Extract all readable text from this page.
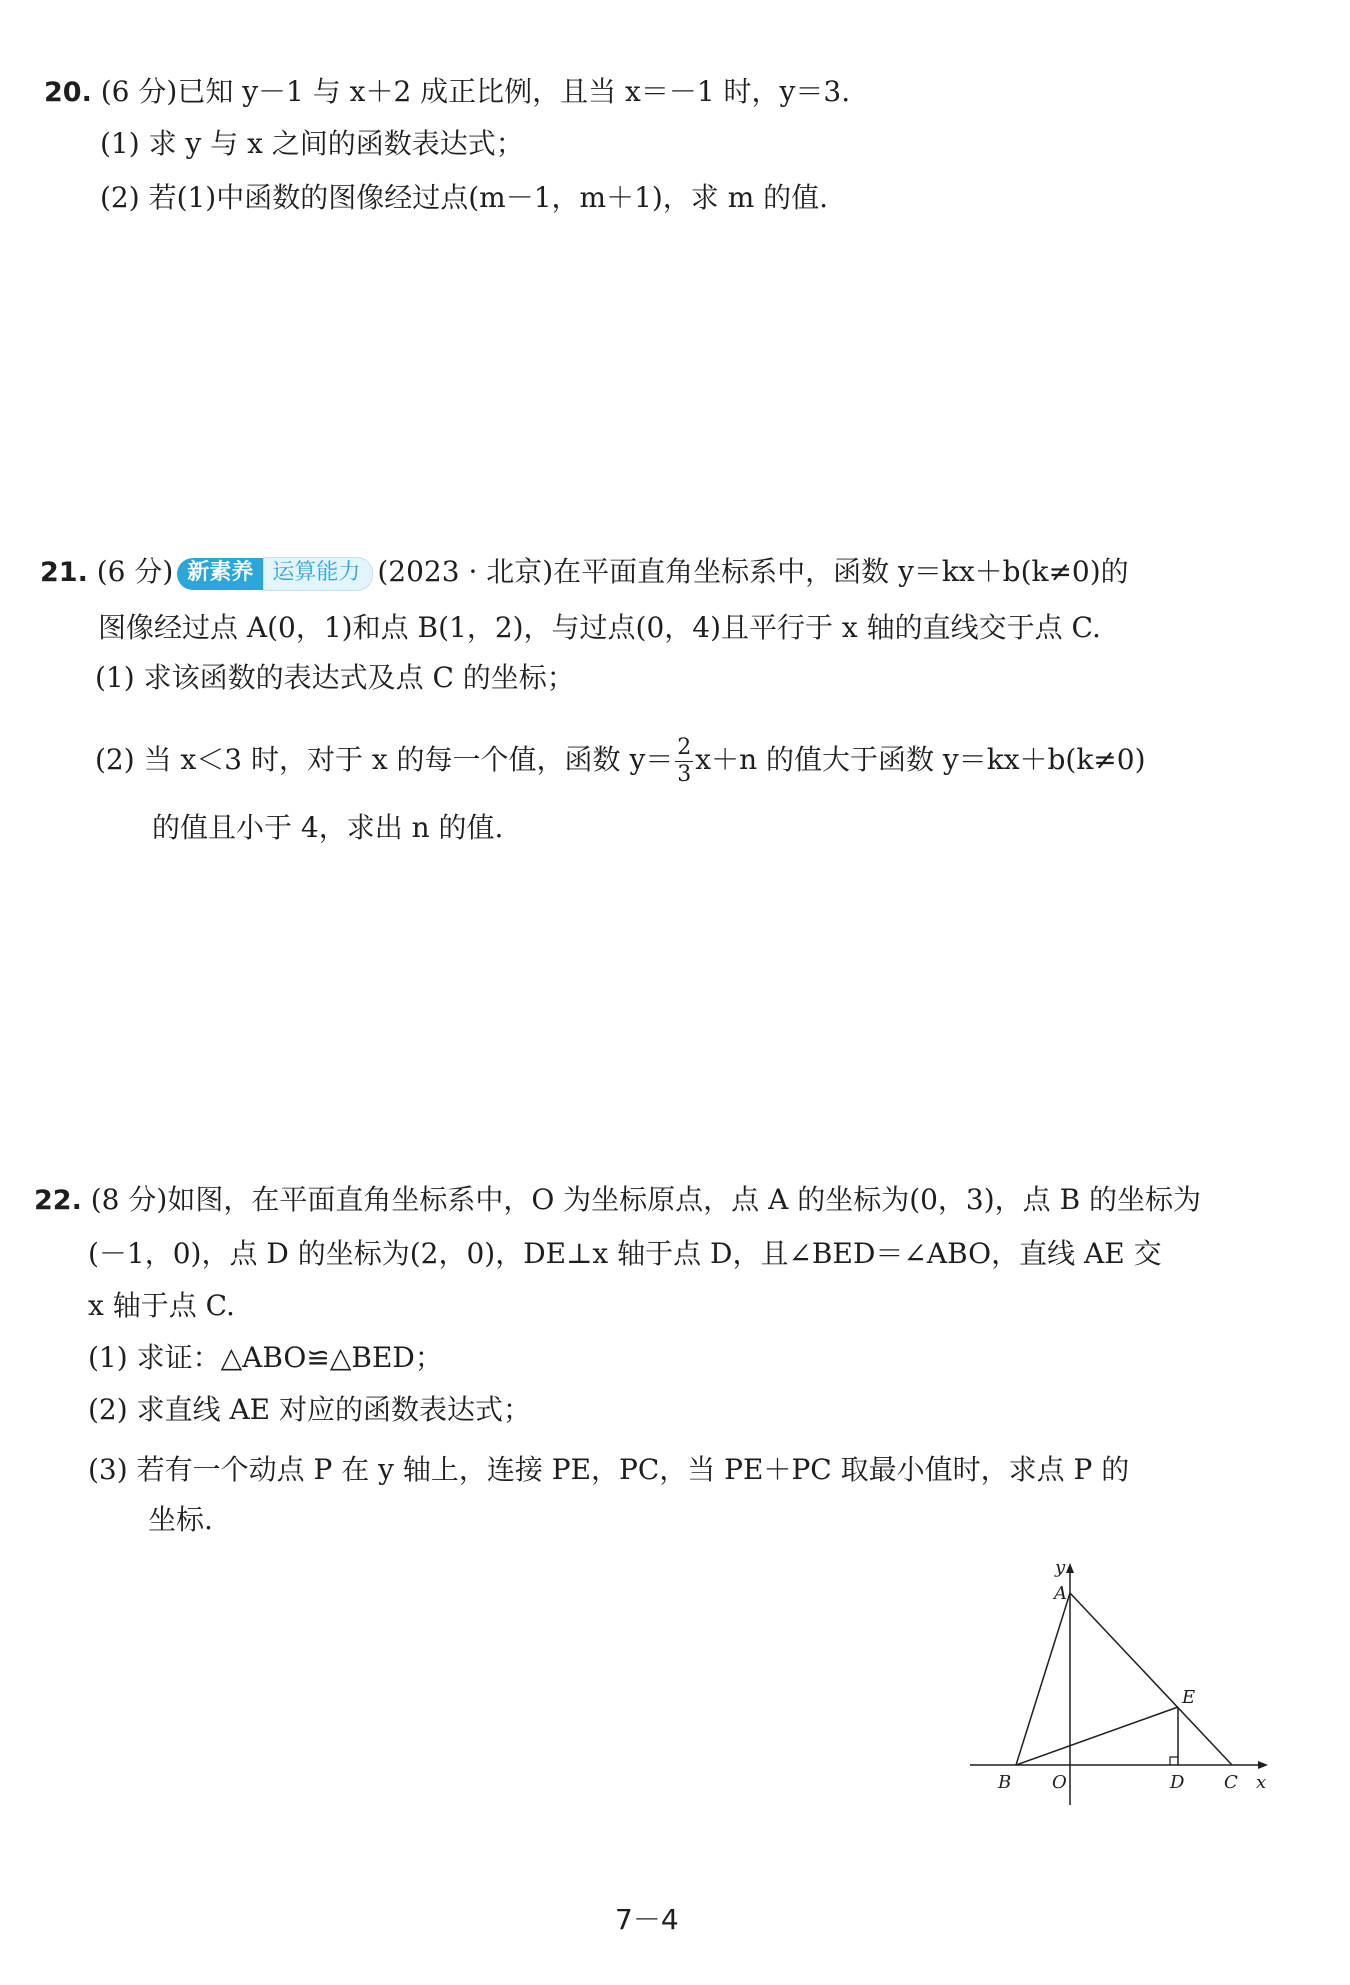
20. (6 分)已知 y－1 与 x＋2 成正比例，且当 x＝－1 时，y＝3.
(1) 求 y 与 x 之间的函数表达式；
(2) 若(1)中函数的图像经过点(m－1，m＋1)，求 m 的值.
21. (6 分) 新素养 运算能力 (2023 · 北京)在平面直角坐标系中，函数 y＝kx＋b(k≠0)的
图像经过点 A(0，1)和点 B(1，2)，与过点(0，4)且平行于 x 轴的直线交于点 C.
(1) 求该函数的表达式及点 C 的坐标；
(2) 当 x＜3 时，对于 x 的每一个值，函数 $y= \frac{2}{3} x+n$ 的值大于函数 y＝kx＋b(k≠0)
的值且小于 4，求出 n 的值.
22. (8 分)如图，在平面直角坐标系中，O 为坐标原点，点 A 的坐标为(0，3)，点 B 的坐标为
(－1，0)，点 D 的坐标为(2，0)，DE⊥x 轴于点 D，且∠BED＝∠ABO，直线 AE 交
x 轴于点 C.
(1) 求证：△ABO≌△BED；
(2) 求直线 AE 对应的函数表达式；
(3) 若有一个动点 P 在 y 轴上，连接 PE，PC，当 PE＋PC 取最小值时，求点 P 的
坐标.
y
A
E
B O	D C x
7－4
